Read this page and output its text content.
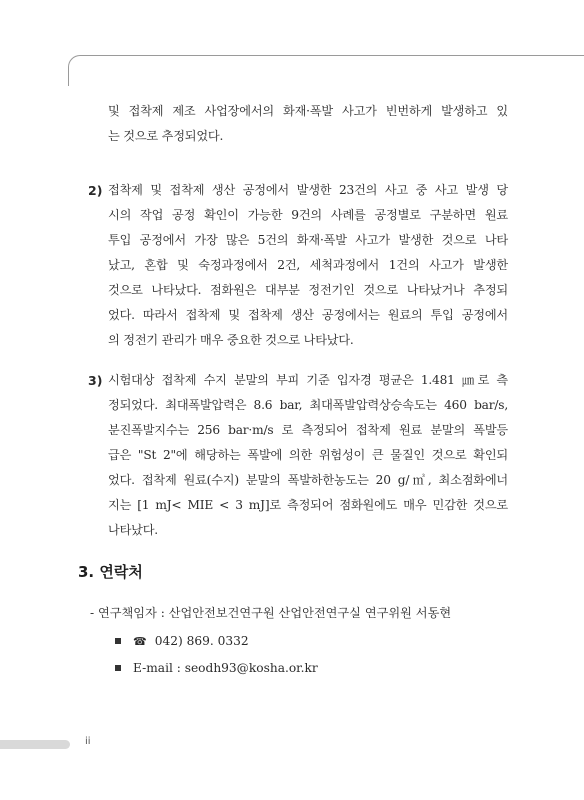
및 접착제 제조 사업장에서의 화재·폭발 사고가 빈번하게 발생하고 있
는 것으로 추정되었다.
2) 접착제 및 접착제 생산 공정에서 발생한 23건의 사고 중 사고 발생 당
시의 작업 공정 확인이 가능한 9건의 사례를 공정별로 구분하면 원료
투입 공정에서 가장 많은 5건의 화재·폭발 사고가 발생한 것으로 나타
났고, 혼합 및 숙정과정에서 2건, 세척과정에서 1건의 사고가 발생한
것으로 나타났다. 점화원은 대부분 정전기인 것으로 나타났거나 추정되
었다. 따라서 접착제 및 접착제 생산 공정에서는 원료의 투입 공정에서
의 정전기 관리가 매우 중요한 것으로 나타났다.
3) 시험대상 접착제 수지 분말의 부피 기준 입자경 평균은 1.481 ㎛로 측
정되었다. 최대폭발압력은 8.6 bar, 최대폭발압력상승속도는 460 bar/s,
분진폭발지수는 256 bar·m/s 로 측정되어 접착제 원료 분말의 폭발등
급은 "St 2"에 해당하는 폭발에 의한 위험성이 큰 물질인 것으로 확인되
었다. 접착제 원료(수지) 분말의 폭발하한농도는 20 g/㎥, 최소점화에너
지는 [1 mJ< MIE < 3 mJ]로 측정되어 점화원에도 매우 민감한 것으로
나타났다.
3. 연락처
- 연구책임자 : 산업안전보건연구원 산업안전연구실 연구위원 서동현
☎ 042) 869. 0332
E-mail : seodh93@kosha.or.kr
ii
